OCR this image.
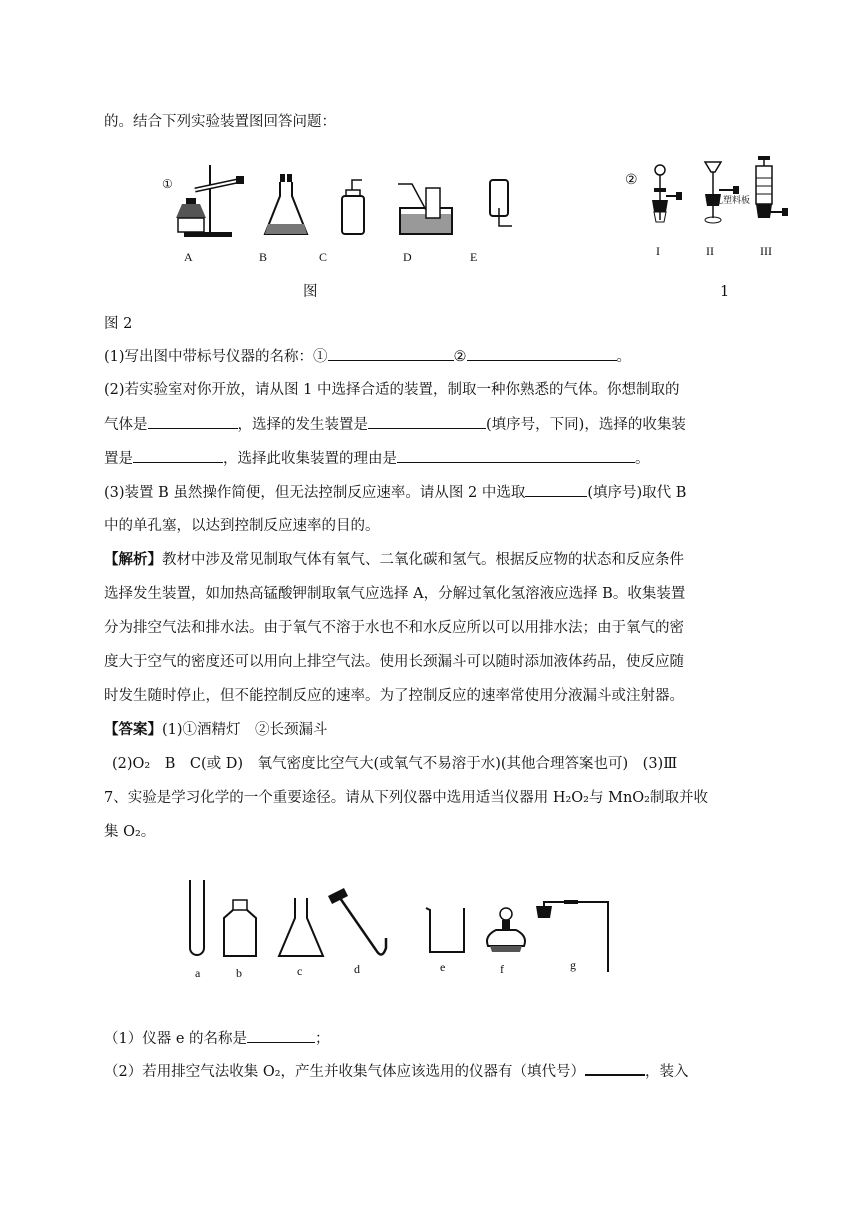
的。结合下列实验装置图回答问题：
①
A	B	C	D	E
图	1
②
有孔塑料板
I	II	III
图 2
(1)写出图中带标号仪器的名称：①	②	。
(2)若实验室对你开放，请从图 1 中选择合适的装置，制取一种你熟悉的气体。你想制取的
气体是	，选择的发生装置是	(填序号，下同)，选择的收集装
置是	，选择此收集装置的理由是	。
(3)装置 B 虽然操作简便，但无法控制反应速率。请从图 2 中选取	(填序号)取代 B
中的单孔塞，以达到控制反应速率的目的。
【解析】教材中涉及常见制取气体有氧气、二氧化碳和氢气。根据反应物的状态和反应条件
选择发生装置，如加热高锰酸钾制取氧气应选择 A，分解过氧化氢溶液应选择 B。收集装置
分为排空气法和排水法。由于氧气不溶于水也不和水反应所以可以用排水法；由于氧气的密
度大于空气的密度还可以用向上排空气法。使用长颈漏斗可以随时添加液体药品，使反应随
时发生随时停止，但不能控制反应的速率。为了控制反应的速率常使用分液漏斗或注射器。
【答案】(1)①酒精灯　②长颈漏斗
(2)O₂　B　C(或 D)　氧气密度比空气大(或氧气不易溶于水)(其他合理答案也可)　(3)Ⅲ
7、实验是学习化学的一个重要途径。请从下列仪器中选用适当仪器用 H₂O₂与 MnO₂制取并收
集 O₂。
a	b	c	d	e	f	g
（1）仪器 e 的名称是	；
（2）若用排空气法收集 O₂，产生并收集气体应该选用的仪器有（填代号）	，装入
